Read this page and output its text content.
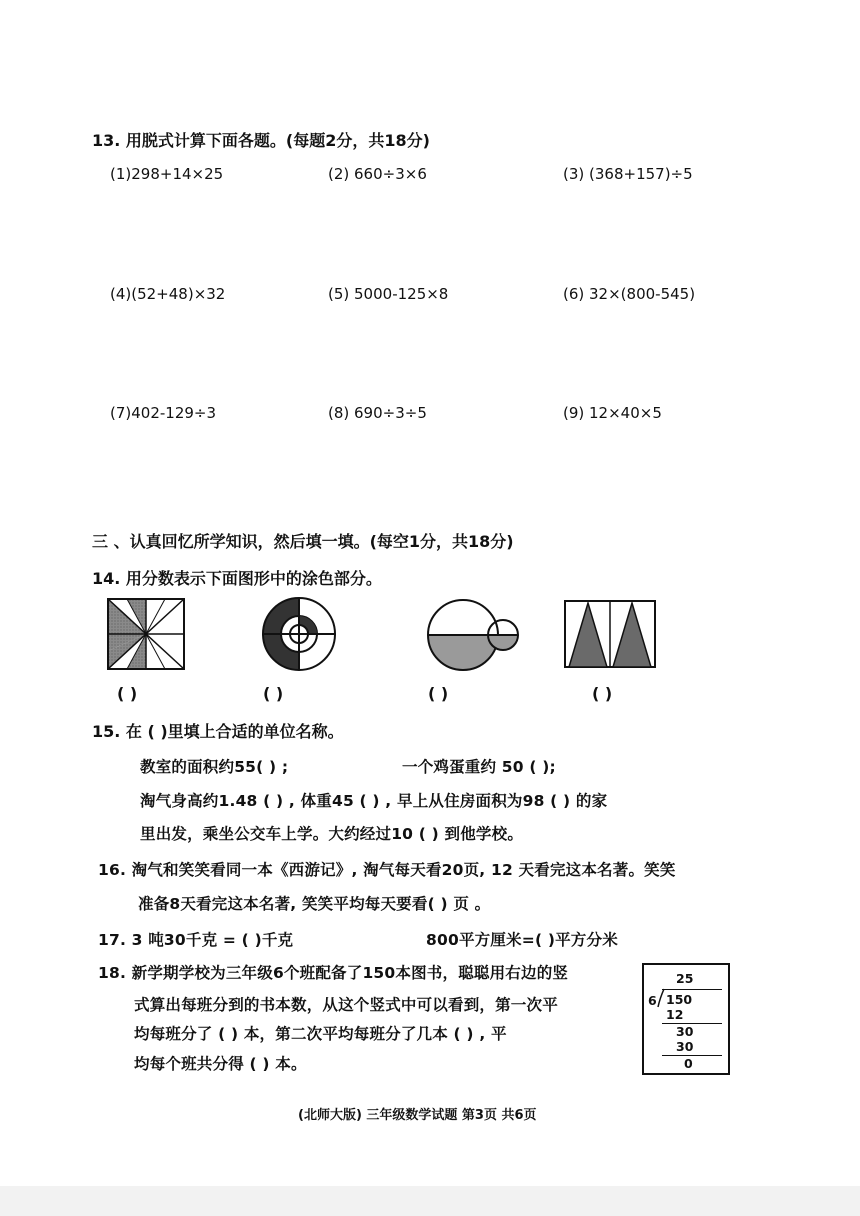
13. 用脱式计算下面各题。(每题2分，共18分)
(1)298+14×25	(2) 660÷3×6	(3) (368+157)÷5
(4)(52+48)×32	(5) 5000-125×8	(6) 32×(800-545)
(7)402-129÷3	(8) 690÷3÷5	(9) 12×40×5
三 、认真回忆所学知识，然后填一填。(每空1分，共18分)
14. 用分数表示下面图形中的涂色部分。
( )	( )	( )	( )
15. 在 ( )里填上合适的单位名称。
教室的面积约55( ) ;	一个鸡蛋重约 50 ( );
淘气身高约1.48 ( ) , 体重45 ( ) , 早上从住房面积为98 ( ) 的家
里出发，乘坐公交车上学。大约经过10 ( ) 到他学校。
16. 淘气和笑笑看同一本《西游记》, 淘气每天看20页, 12 天看完这本名著。笑笑
准备8天看完这本名著, 笑笑平均每天要看( ) 页 。
17. 3 吨30千克 = ( )千克	800平方厘米=( )平方分米
18. 新学期学校为三年级6个班配备了150本图书，聪聪用右边的竖
式算出每班分到的书本数，从这个竖式中可以看到，第一次平
均每班分了 ( ) 本，第二次平均每班分了几本 ( ) , 平
均每个班共分得 ( ) 本。
25
6 150
12
30
30
0
(北师大版) 三年级数学试题 第3页 共6页
